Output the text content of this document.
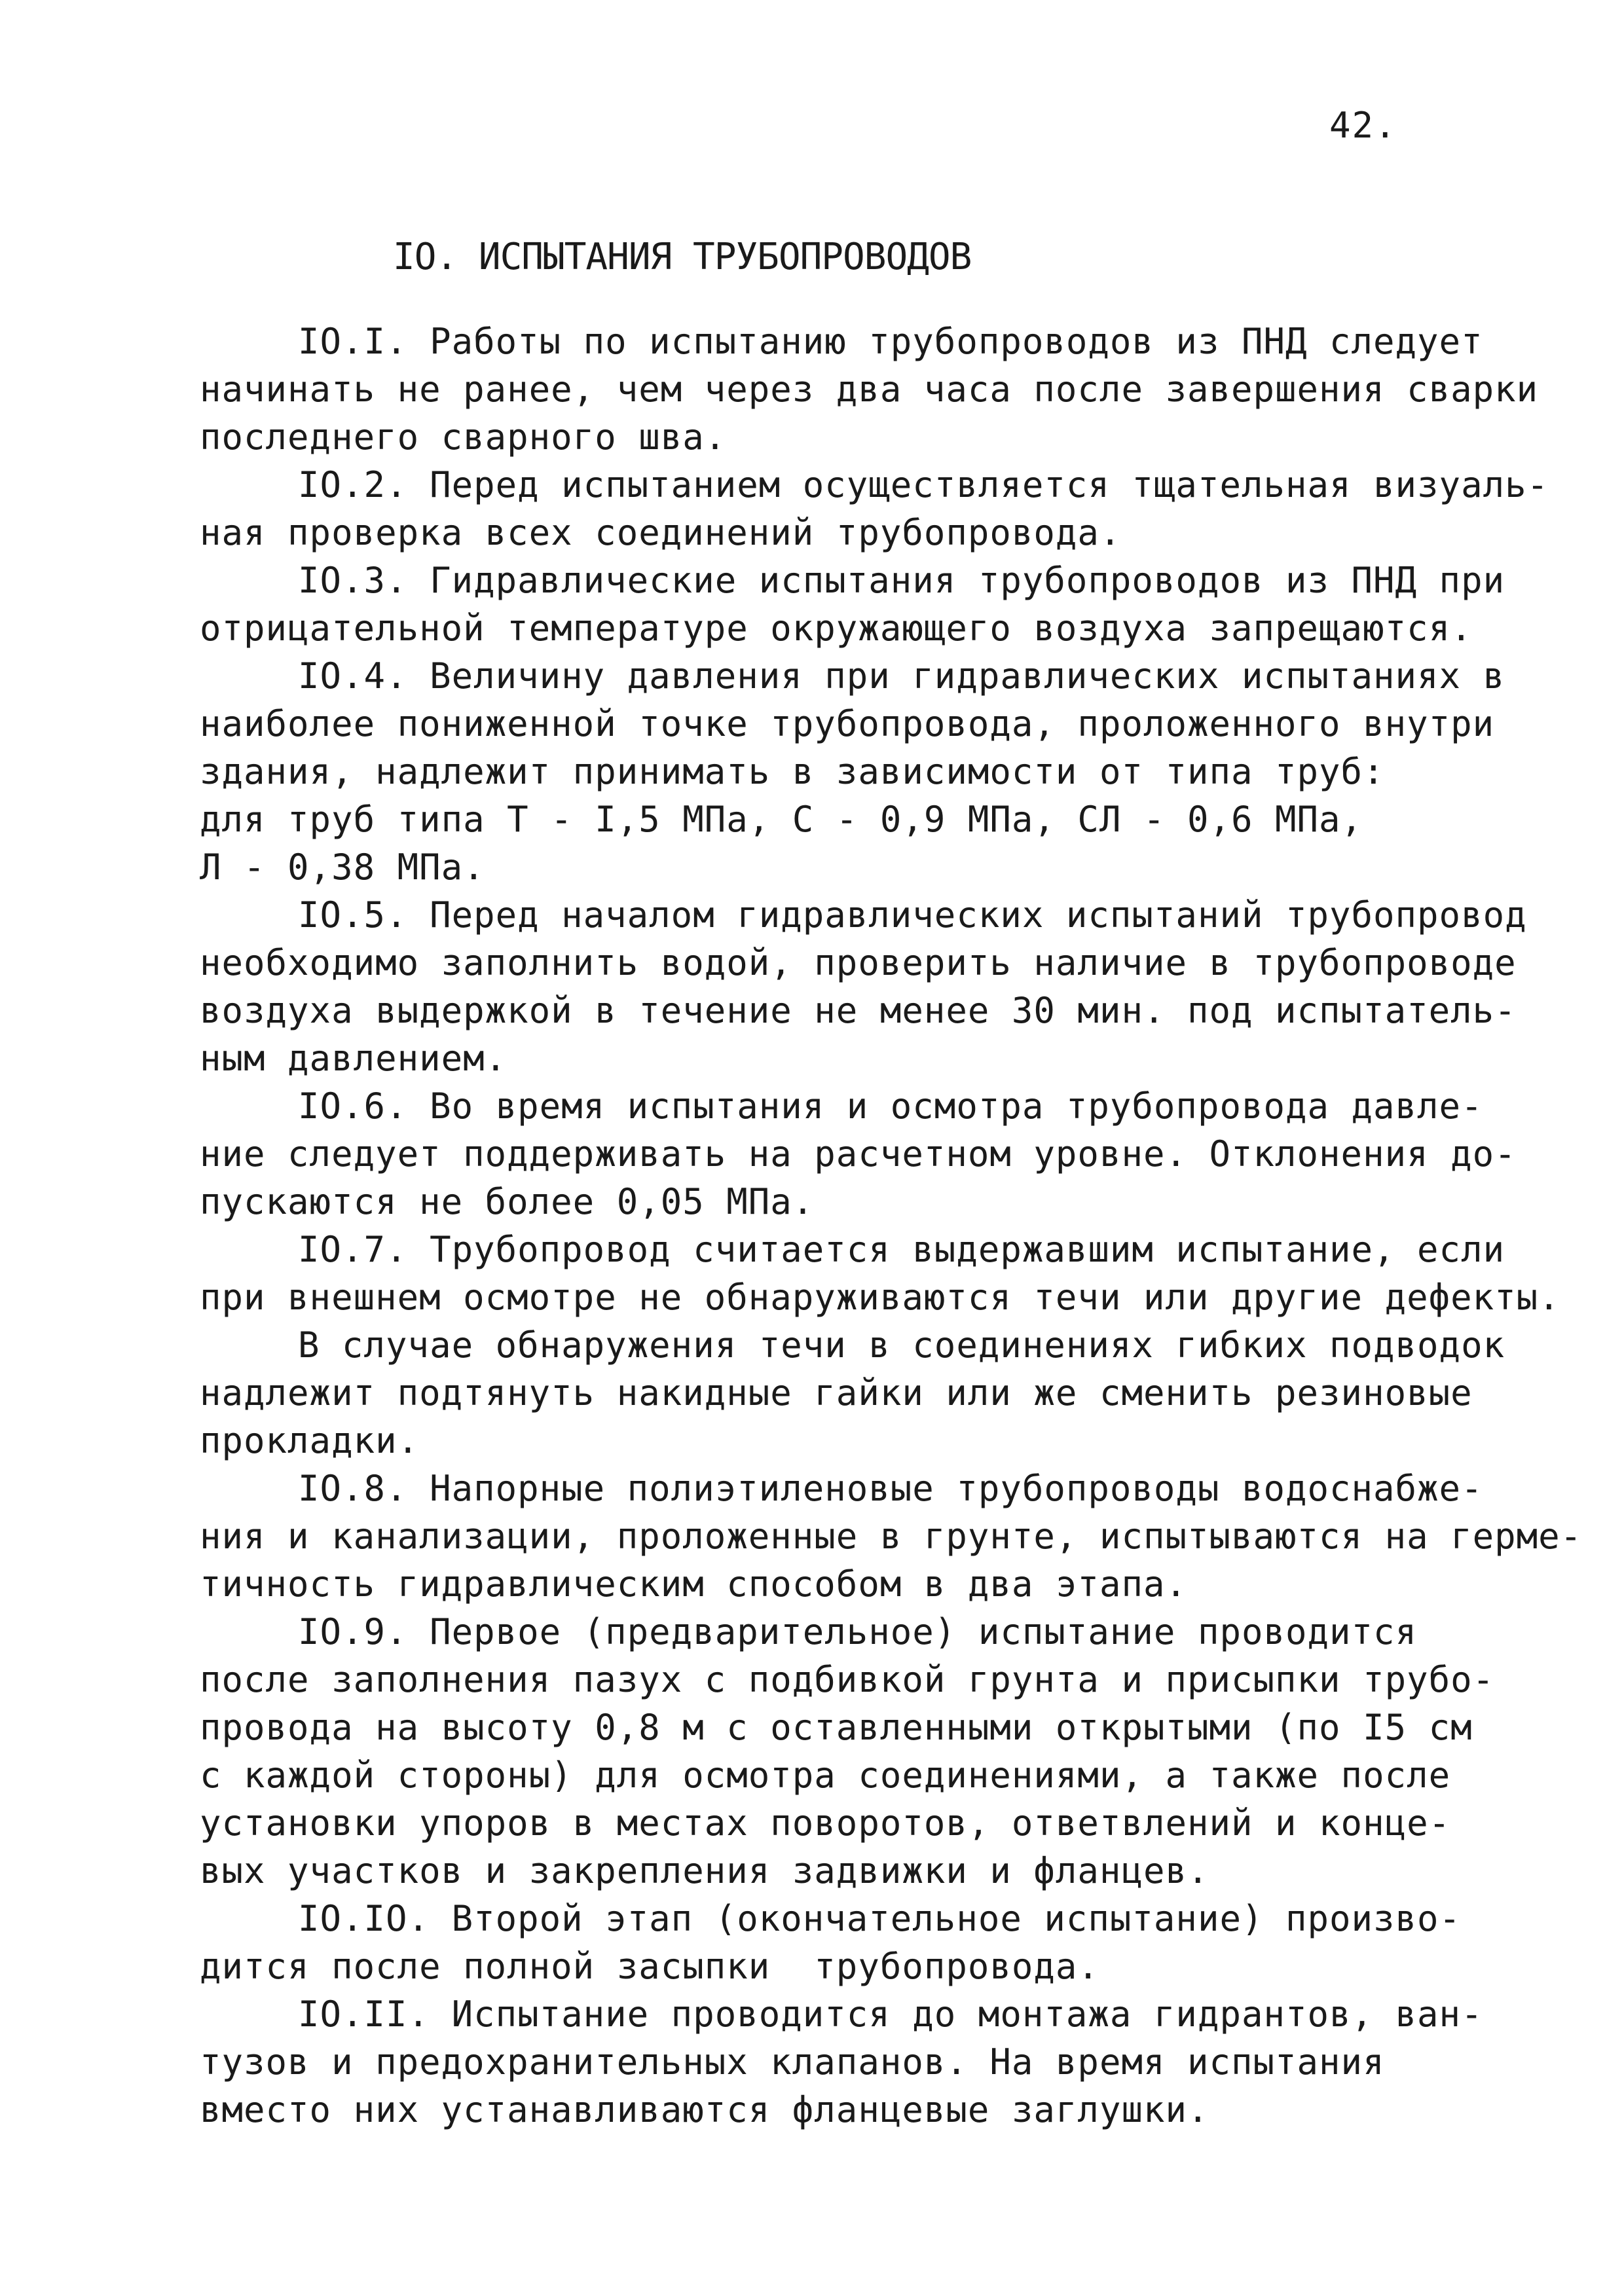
42.
IO. ИСПЫТАНИЯ ТРУБОПРОВОДОВ
IO.I. Работы по испытанию трубопроводов из ПНД следует
начинать не ранее, чем через два часа после завершения сварки
последнего сварного шва.
IO.2. Перед испытанием осуществляется тщательная визуаль-
ная проверка всех соединений трубопровода.
IO.3. Гидравлические испытания трубопроводов из ПНД при
отрицательной температуре окружающего воздуха запрещаются.
IO.4. Величину давления при гидравлических испытаниях в
наиболее пониженной точке трубопровода, проложенного внутри
здания, надлежит принимать в зависимости от типа труб:
для труб типа Т - I,5 МПа, С - 0,9 МПа, СЛ - 0,6 МПа,
Л - 0,38 МПа.
IO.5. Перед началом гидравлических испытаний трубопровод
необходимо заполнить водой, проверить наличие в трубопроводе
воздуха выдержкой в течение не менее 30 мин. под испытатель-
ным давлением.
IO.6. Во время испытания и осмотра трубопровода давле-
ние следует поддерживать на расчетном уровне. Отклонения до-
пускаются не более 0,05 МПа.
IO.7. Трубопровод считается выдержавшим испытание, если
при внешнем осмотре не обнаруживаются течи или другие дефекты.
В случае обнаружения течи в соединениях гибких подводок
надлежит подтянуть накидные гайки или же сменить резиновые
прокладки.
IO.8. Напорные полиэтиленовые трубопроводы водоснабже-
ния и канализации, проложенные в грунте, испытываются на герме-
тичность гидравлическим способом в два этапа.
IO.9. Первое (предварительное) испытание проводится
после заполнения пазух с подбивкой грунта и присыпки трубо-
провода на высоту 0,8 м с оставленными открытыми (по I5 см
с каждой стороны) для осмотра соединениями, а также после
установки упоров в местах поворотов, ответвлений и конце-
вых участков и закрепления задвижки и фланцев.
IO.IO. Второй этап (окончательное испытание) произво-
дится после полной засыпки  трубопровода.
IO.II. Испытание проводится до монтажа гидрантов, ван-
тузов и предохранительных клапанов. На время испытания
вместо них устанавливаются фланцевые заглушки.
